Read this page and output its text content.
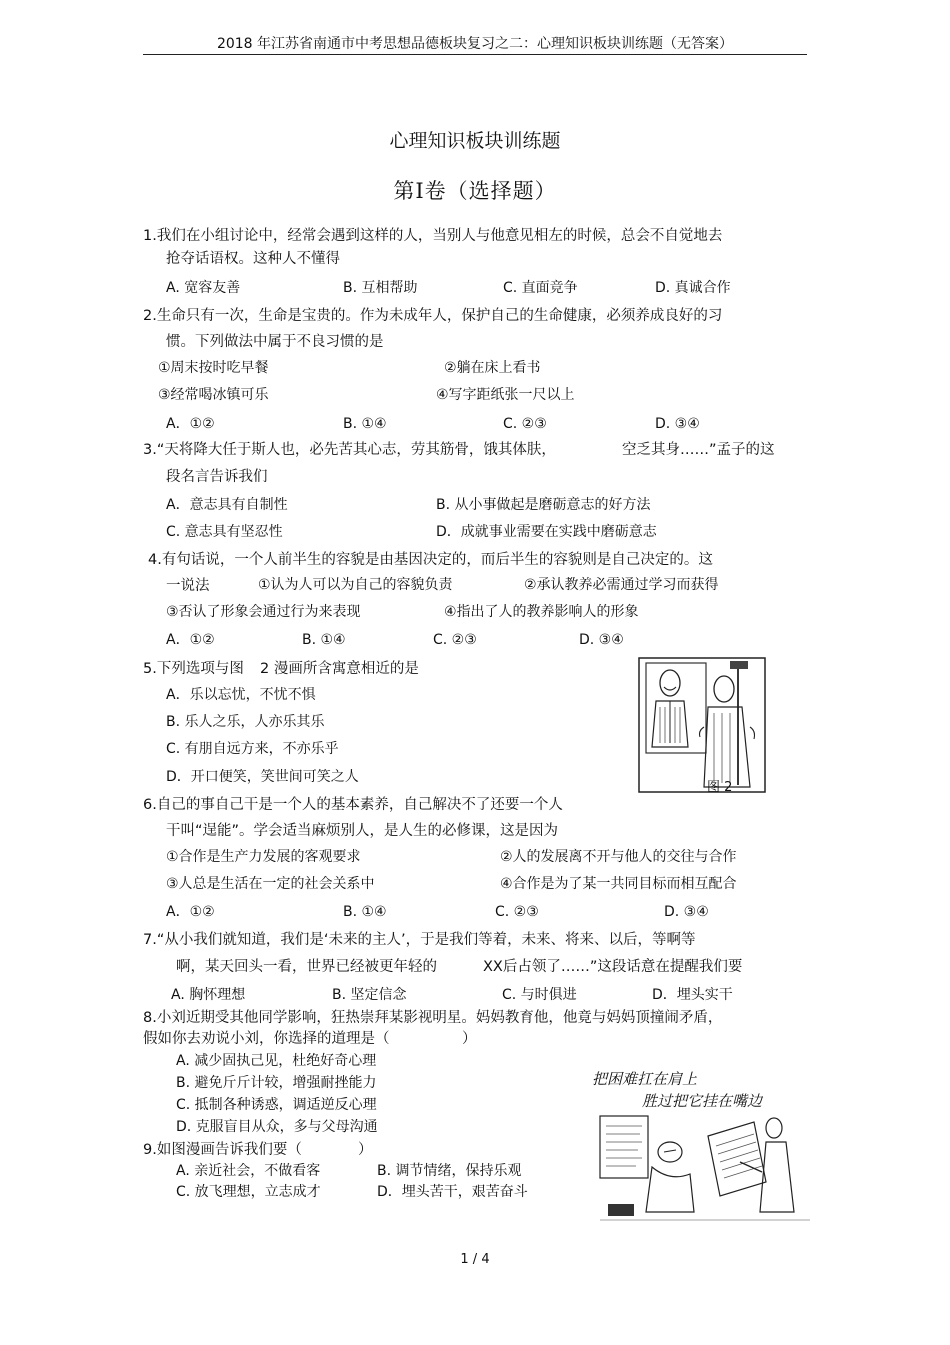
2018 年江苏省南通市中考思想品德板块复习之二：心理知识板块训练题（无答案）
心理知识板块训练题
第Ⅰ卷（选择题）
1.我们在小组讨论中，经常会遇到这样的人，当别人与他意见相左的时候，总会不自觉地去
抢夺话语权。这种人不懂得
A. 宽容友善	B. 互相帮助	C. 直面竞争	D. 真诚合作
2.生命只有一次，生命是宝贵的。作为未成年人，保护自己的生命健康，必须养成良好的习
惯。下列做法中属于不良习惯的是
①周末按时吃早餐	②躺在床上看书
③经常喝冰镇可乐	④写字距纸张一尺以上
A．①②	B. ①④	C. ②③	D. ③④
3.“天将降大任于斯人也，必先苦其心志，劳其筋骨，饿其体肤，	空乏其身……”孟子的这
段名言告诉我们
A．意志具有自制性	B. 从小事做起是磨砺意志的好方法
C. 意志具有坚忍性	D．成就事业需要在实践中磨砺意志
4.有句话说，一个人前半生的容貌是由基因决定的，而后半生的容貌则是自己决定的。这
一说法	①认为人可以为自己的容貌负责	②承认教养必需通过学习而获得
③否认了形象会通过行为来表现	④指出了人的教养影响人的形象
A．①②	B. ①④	C. ②③	D. ③④
5.下列选项与图 2 漫画所含寓意相近的是
A．乐以忘忧，不忧不惧
B. 乐人之乐，人亦乐其乐
C. 有朋自远方来，不亦乐乎
D．开口便笑，笑世间可笑之人
图 2
6.自己的事自己干是一个人的基本素养，自己解决不了还要一个人
干叫“逞能”。学会适当麻烦别人，是人生的必修课，这是因为
①合作是生产力发展的客观要求	②人的发展离不开与他人的交往与合作
③人总是生活在一定的社会关系中	④合作是为了某一共同目标而相互配合
A．①②	B. ①④	C. ②③	D. ③④
7.“从小我们就知道，我们是‘未来的主人’，于是我们等着，未来、将来、以后，等啊等
啊，某天回头一看，世界已经被更年轻的	XX后占领了……”这段话意在提醒我们要
A. 胸怀理想	B. 坚定信念	C. 与时俱进	D．埋头实干
8.小刘近期受其他同学影响，狂热崇拜某影视明星。妈妈教育他，他竟与妈妈顶撞闹矛盾，
假如你去劝说小刘，你选择的道理是（	）
A. 减少固执己见，杜绝好奇心理
B. 避免斤斤计较，增强耐挫能力
C. 抵制各种诱惑，调适逆反心理
D. 克服盲目从众，多与父母沟通
9.如图漫画告诉我们要（	）
A. 亲近社会，不做看客	B. 调节情绪，保持乐观
C. 放飞理想，立志成才	D．埋头苦干，艰苦奋斗
把困难扛在肩上
胜过把它挂在嘴边
1 / 4
